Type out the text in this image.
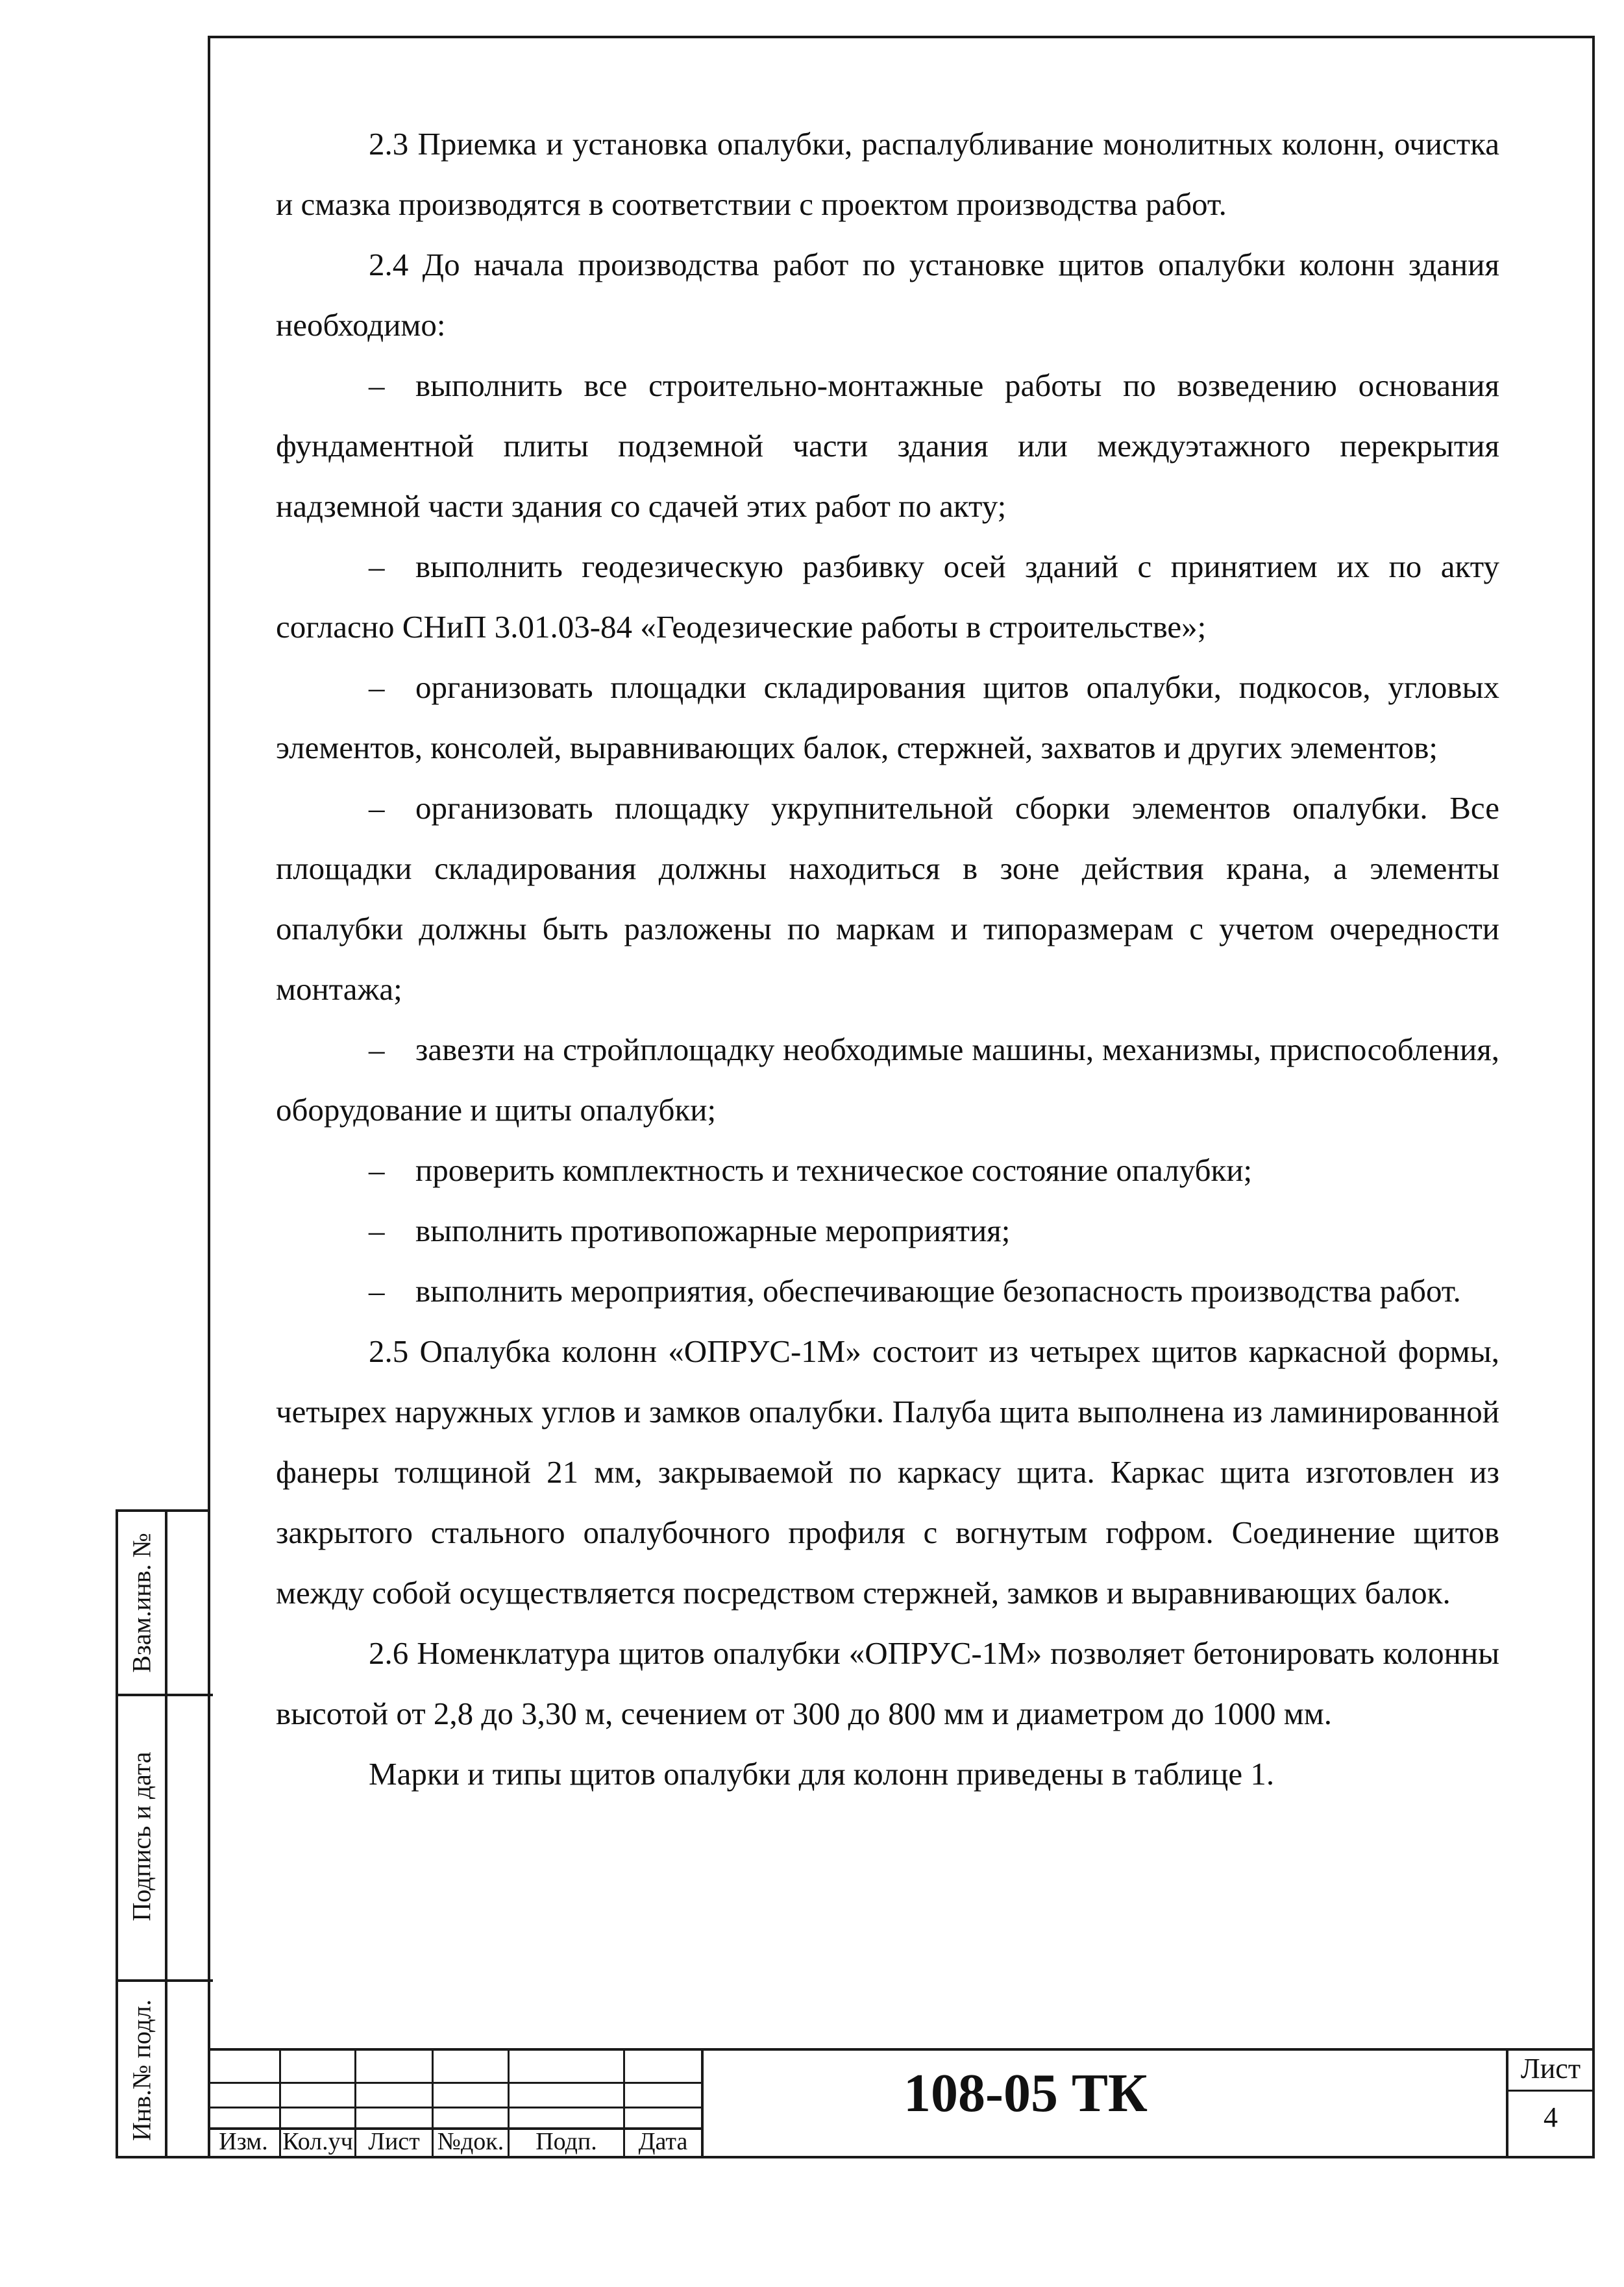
2.3 Приемка и установка опалубки, распалубливание монолитных колонн, очистка и смазка производятся в соответствии с проектом производства работ.

2.4 До начала производства работ по установке щитов опалубки колонн здания необходимо:

– выполнить все строительно-монтажные работы по возведению основания фундаментной плиты подземной части здания или междуэтажного перекрытия надземной части здания со сдачей этих работ по акту;

– выполнить геодезическую разбивку осей зданий с принятием их по акту согласно СНиП 3.01.03-84 «Геодезические работы в строительстве»;

– организовать площадки складирования щитов опалубки, подкосов, угловых элементов, консолей, выравнивающих балок, стержней, захватов и других элементов;

– организовать площадку укрупнительной сборки элементов опалубки. Все площадки складирования должны находиться в зоне действия крана, а элементы опалубки должны быть разложены по маркам и типоразмерам с учетом очередности монтажа;

– завезти на стройплощадку необходимые машины, механизмы, приспособления, оборудование и щиты опалубки;

– проверить комплектность и техническое состояние опалубки;

– выполнить противопожарные мероприятия;

– выполнить мероприятия, обеспечивающие безопасность производства работ.

2.5 Опалубка колонн «ОПРУС-1М» состоит из четырех щитов каркасной формы, четырех наружных углов и замков опалубки. Палуба щита выполнена из ламинированной фанеры толщиной 21 мм, закрываемой по каркасу щита. Каркас щита изготовлен из закрытого стального опалубочного профиля с вогнутым гофром. Соединение щитов между собой осуществляется посредством стержней, замков и выравнивающих балок.

2.6 Номенклатура щитов опалубки «ОПРУС-1М» позволяет бетонировать колонны высотой от 2,8 до 3,30 м, сечением от 300 до 800 мм и диаметром до 1000 мм.

Марки и типы щитов опалубки для колонн приведены в таблице 1.

Взам.инв. №
Подпись и дата
Инв.№ подл.
Изм. Кол.уч Лист №док.	Подп.	Дата
108-05 ТК	Лист
4
